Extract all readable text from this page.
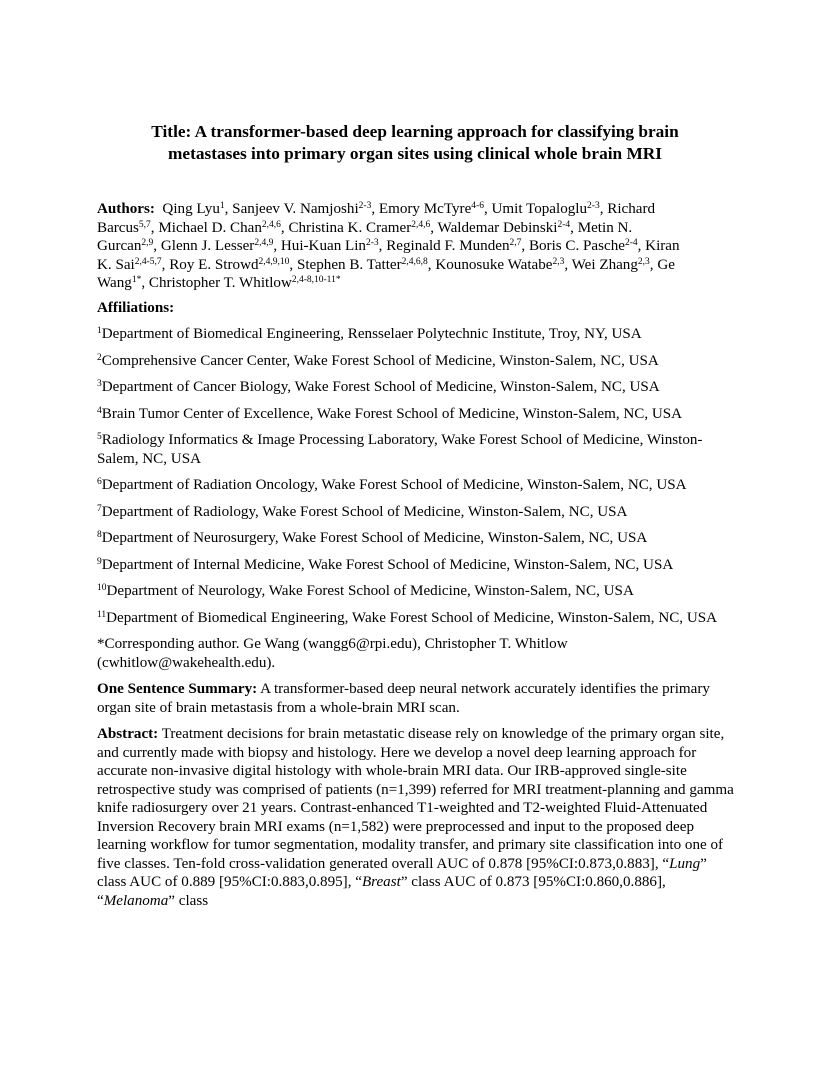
Title: A transformer-based deep learning approach for classifying brain
metastases into primary organ sites using clinical whole brain MRI
Authors: Qing Lyu$^1$, Sanjeev V. Namjoshi$^{2-3}$, Emory McTyre$^{4-6}$, Umit Topaloglu$^{2-3}$, Richard
Barcus$^{5,7}$, Michael D. Chan$^{2,4,6}$, Christina K. Cramer$^{2,4,6}$, Waldemar Debinski$^{2-4}$, Metin N.
Gurcan$^{2,9}$, Glenn J. Lesser$^{2,4,9}$, Hui-Kuan Lin$^{2-3}$, Reginald F. Munden$^{2,7}$, Boris C. Pasche$^{2-4}$, Kiran
K. Sai$^{2,4-5,7}$, Roy E. Strowd$^{2,4,9,10}$, Stephen B. Tatter$^{2,4,6,8}$, Kounosuke Watabe$^{2,3}$, Wei Zhang$^{2,3}$, Ge
Wang$^{1*}$, Christopher T. Whitlow$^{2,4-8,10-11*}$
Affiliations:
$^1$Department of Biomedical Engineering, Rensselaer Polytechnic Institute, Troy, NY, USA
$^2$Comprehensive Cancer Center, Wake Forest School of Medicine, Winston-Salem, NC, USA
$^3$Department of Cancer Biology, Wake Forest School of Medicine, Winston-Salem, NC, USA
$^4$Brain Tumor Center of Excellence, Wake Forest School of Medicine, Winston-Salem, NC, USA
$^5$Radiology Informatics & Image Processing Laboratory, Wake Forest School of Medicine, Winston-Salem, NC, USA
$^6$Department of Radiation Oncology, Wake Forest School of Medicine, Winston-Salem, NC, USA
$^7$Department of Radiology, Wake Forest School of Medicine, Winston-Salem, NC, USA
$^8$Department of Neurosurgery, Wake Forest School of Medicine, Winston-Salem, NC, USA
$^9$Department of Internal Medicine, Wake Forest School of Medicine, Winston-Salem, NC, USA
$^{10}$Department of Neurology, Wake Forest School of Medicine, Winston-Salem, NC, USA
$^{11}$Department of Biomedical Engineering, Wake Forest School of Medicine, Winston-Salem, NC, USA
*Corresponding author. Ge Wang (wangg6@rpi.edu), Christopher T. Whitlow (cwhitlow@wakehealth.edu).
One Sentence Summary: A transformer-based deep neural network accurately identifies the primary organ site of brain metastasis from a whole-brain MRI scan.
Abstract: Treatment decisions for brain metastatic disease rely on knowledge of the primary organ site, and currently made with biopsy and histology. Here we develop a novel deep learning approach for accurate non-invasive digital histology with whole-brain MRI data. Our IRB-approved single-site retrospective study was comprised of patients (n=1,399) referred for MRI treatment-planning and gamma knife radiosurgery over 21 years. Contrast-enhanced T1-weighted and T2-weighted Fluid-Attenuated Inversion Recovery brain MRI exams (n=1,582) were preprocessed and input to the proposed deep learning workflow for tumor segmentation, modality transfer, and primary site classification into one of five classes. Ten-fold cross-validation generated overall AUC of 0.878 [95%CI:0.873,0.883], “Lung” class AUC of 0.889 [95%CI:0.883,0.895], “Breast” class AUC of 0.873 [95%CI:0.860,0.886], “Melanoma” class
